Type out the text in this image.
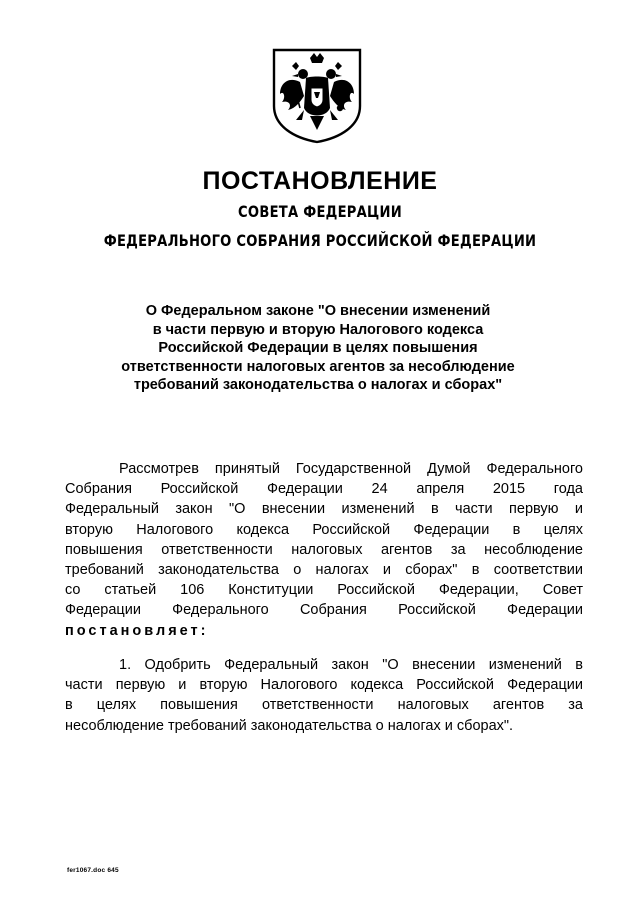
ПОСТАНОВЛЕНИЕ
СОВЕТА ФЕДЕРАЦИИ
ФЕДЕРАЛЬНОГО СОБРАНИЯ РОССИЙСКОЙ ФЕДЕРАЦИИ
О Федеральном законе "О внесении изменений
в части первую и вторую Налогового кодекса
Российской Федерации в целях повышения
ответственности налоговых агентов за несоблюдение
требований законодательства о налогах и сборах"
Рассмотрев принятый Государственной Думой Федерального
Собрания Российской Федерации 24 апреля 2015 года
Федеральный закон "О внесении изменений в части первую и
вторую Налогового кодекса Российской Федерации в целях
повышения ответственности налоговых агентов за несоблюдение
требований законодательства о налогах и сборах" в соответствии
со статьей 106 Конституции Российской Федерации, Совет
Федерации Федерального Собрания Российской Федерации
постановляет:
1. Одобрить Федеральный закон "О внесении изменений в
части первую и вторую Налогового кодекса Российской Федерации
в целях повышения ответственности налоговых агентов за
несоблюдение требований законодательства о налогах и сборах".
fer1067.doc 645
